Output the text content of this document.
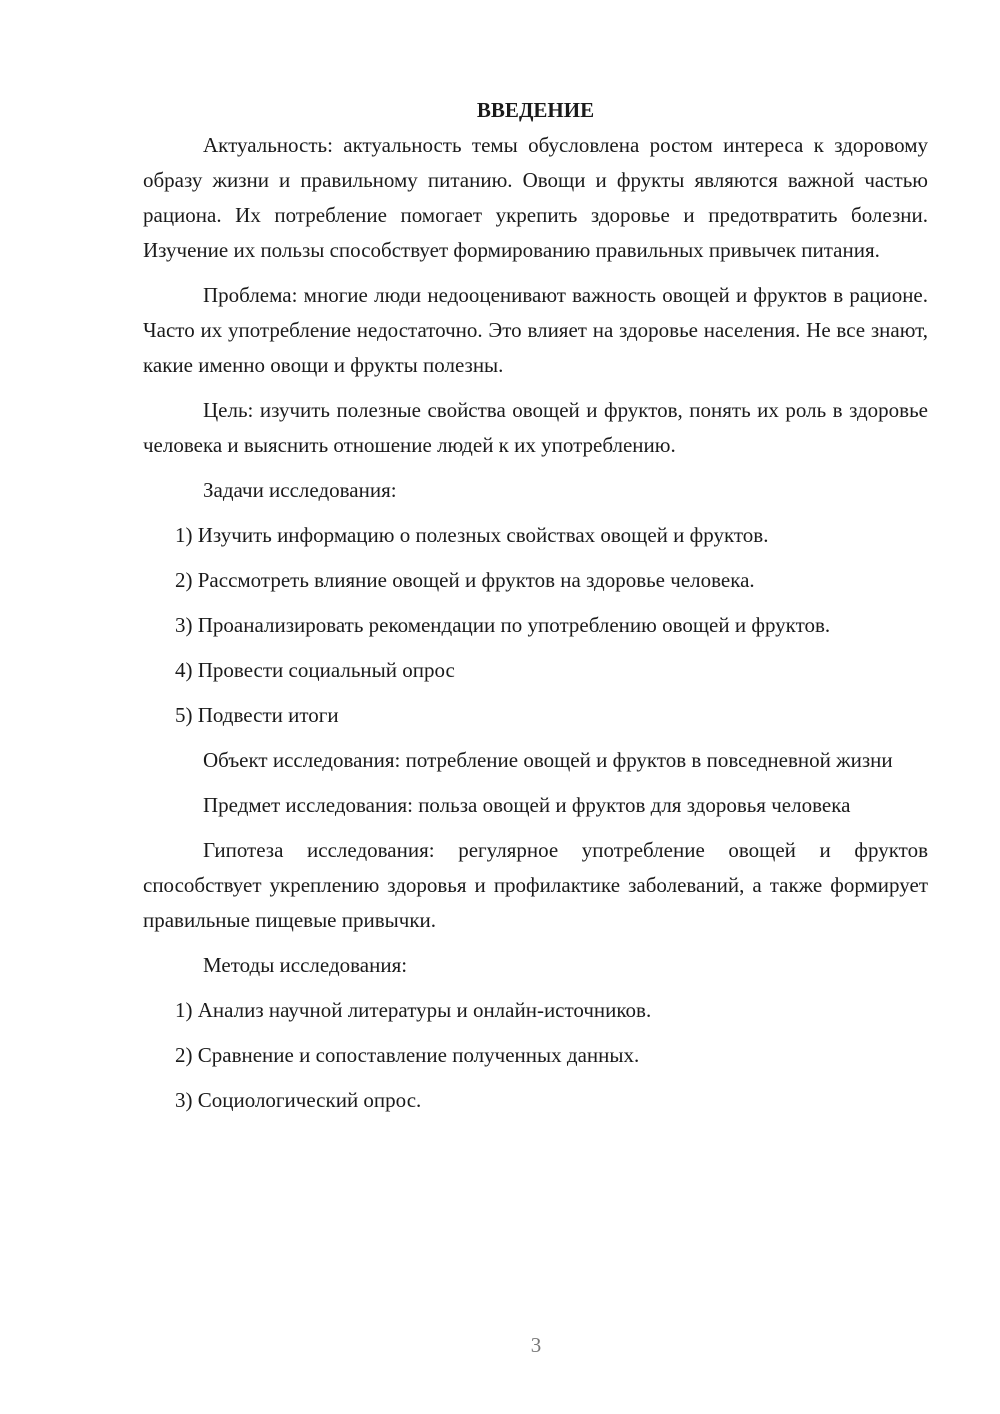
ВВЕДЕНИЕ

Актуальность: актуальность темы обусловлена ростом интереса к здоровому образу жизни и правильному питанию. Овощи и фрукты являются важной частью рациона. Их потребление помогает укрепить здоровье и предотвратить болезни. Изучение их пользы способствует формированию правильных привычек питания.

Проблема: многие люди недооценивают важность овощей и фруктов в рационе. Часто их употребление недостаточно. Это влияет на здоровье населения. Не все знают, какие именно овощи и фрукты полезны.

Цель: изучить полезные свойства овощей и фруктов, понять их роль в здоровье человека и выяснить отношение людей к их употреблению.

Задачи исследования:

1) Изучить информацию о полезных свойствах овощей и фруктов.

2) Рассмотреть влияние овощей и фруктов на здоровье человека.

3) Проанализировать рекомендации по употреблению овощей и фруктов.

4) Провести социальный опрос

5) Подвести итоги

Объект исследования: потребление овощей и фруктов в повседневной жизни

Предмет исследования: польза овощей и фруктов для здоровья человека

Гипотеза исследования: регулярное употребление овощей и фруктов способствует укреплению здоровья и профилактике заболеваний, а также формирует правильные пищевые привычки.

Методы исследования:

1) Анализ научной литературы и онлайн-источников.

2) Сравнение и сопоставление полученных данных.

3) Социологический опрос.

3
